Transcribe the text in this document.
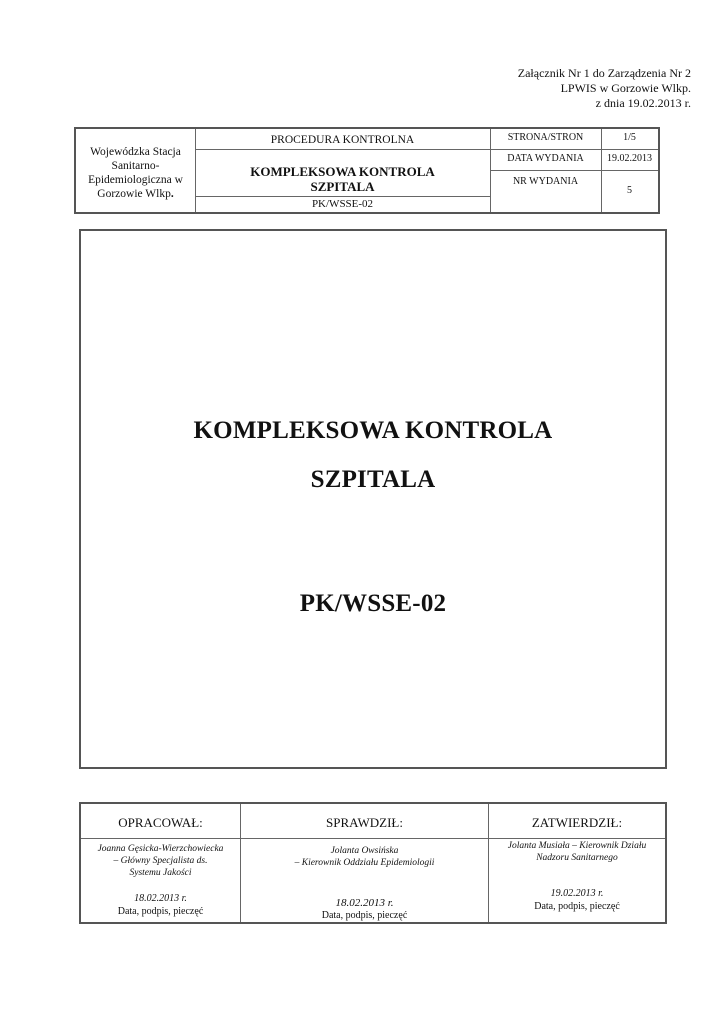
Załącznik Nr 1 do Zarządzenia Nr 2
LPWIS w Gorzowie Wlkp.
z dnia 19.02.2013 r.
Wojewódzka Stacja
Sanitarno-
Epidemiologiczna w
Gorzowie Wlkp.
PROCEDURA KONTROLNA
KOMPLEKSOWA KONTROLA
SZPITALA
PK/WSSE-02
STRONA/STRON	1/5
DATA WYDANIA	19.02.2013
NR WYDANIA
5
KOMPLEKSOWA KONTROLA
SZPITALA
PK/WSSE-02
OPRACOWAŁ:
Joanna Gęsicka-Wierzchowiecka
– Główny Specjalista ds.
Systemu Jakości
18.02.2013 r.
Data, podpis, pieczęć
SPRAWDZIŁ:
Jolanta Owsińska
– Kierownik Oddziału Epidemiologii
18.02.2013 r.
Data, podpis, pieczęć
ZATWIERDZIŁ:
Jolanta Musiała – Kierownik Działu
Nadzoru Sanitarnego
19.02.2013 r.
Data, podpis, pieczęć
